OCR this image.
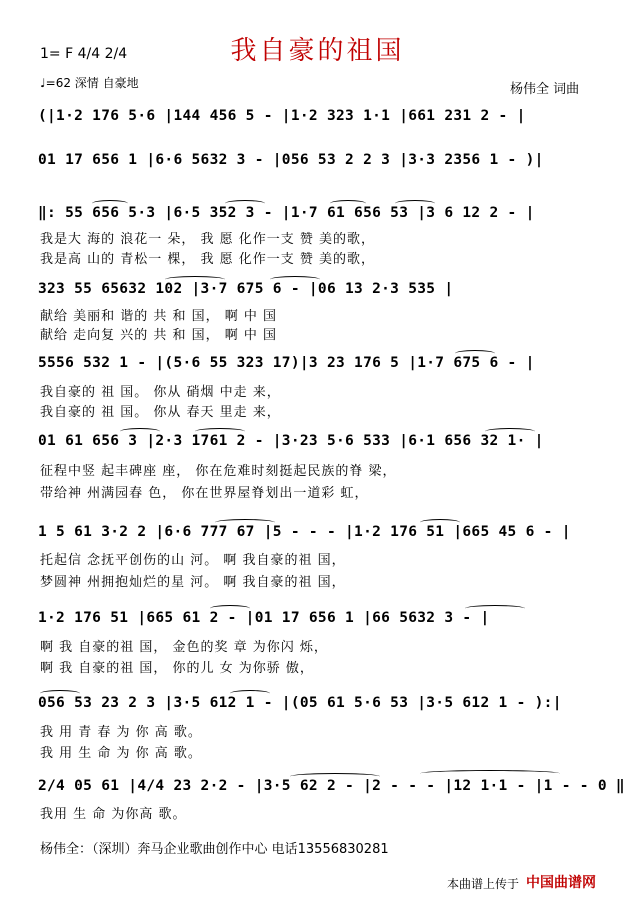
我自豪的祖国
1= F 4/4 2/4
♩=62 深情 自豪地	杨伟全 词曲
(|1·2 176 5·6 |144 456 5 - |1·2 323 1·1 |661 231 2 - |
01 17 656 1 |6·6 5632 3 - |056 53 2 2 3 |3·3 2356 1 - )|
‖: 55 656 5·3 |6·5 352 3 - |1·7 61 656 53 |3 6 12 2 - |
我是大 海的 浪花一 朵， 我 愿 化作一支 赞 美的歌，
我是高 山的 青松一 棵， 我 愿 化作一支 赞 美的歌，
323 55 65632 102 |3·7 675 6 - |06 13 2·3 535 |
献给 美丽和 谐的 共 和 国， 啊 中 国
献给 走向复 兴的 共 和 国， 啊 中 国
5556 532 1 - |(5·6 55 323 17)|3 23 176 5 |1·7 675 6 - |
我自豪的 祖 国。 你从 硝烟 中走 来，
我自豪的 祖 国。 你从 春天 里走 来，
01 61 656 3 |2·3 1761 2 - |3·23 5·6 533 |6·1 656 32 1· |
征程中竖 起丰碑座 座， 你在危难时刻挺起民族的脊 梁，
带给神 州满园春 色， 你在世界屋脊划出一道彩 虹，
1 5 61 3·2 2 |6·6 777 67 |5 - - - |1·2 176 51 |665 45 6 - |
托起信 念抚平创伤的山 河。 啊 我自豪的祖 国，
梦圆神 州拥抱灿烂的星 河。 啊 我自豪的祖 国，
1·2 176 51 |665 61 2 - |01 17 656 1 |66 5632 3 - |
啊 我 自豪的祖 国， 金色的奖 章 为你闪 烁，
啊 我 自豪的祖 国， 你的儿 女 为你骄 傲，
056 53 23 2 3 |3·5 612 1 - |(05 61 5·6 53 |3·5 612 1 - ):|
我 用 青 春 为 你 高 歌。
我 用 生 命 为 你 高 歌。
2/4 05 61 |4/4 23 2·2 - |3·5 62 2 - |2 - - - |12 1·1 - |1 - - 0 ‖
我用 生 命 为你高 歌。
杨伟全：（深圳）奔马企业歌曲创作中心 电话13556830281
本曲谱上传于 中国曲谱网
